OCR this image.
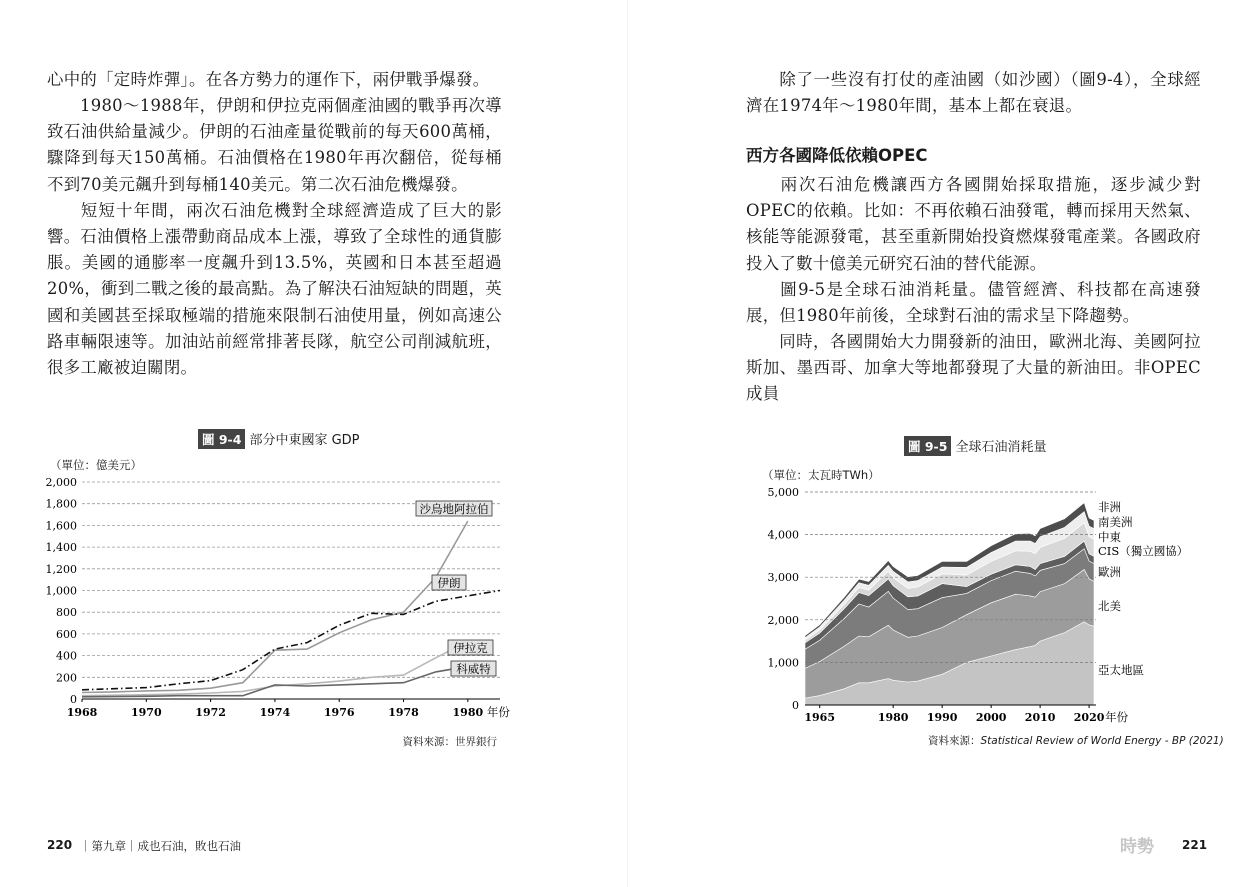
心中的「定時炸彈」。在各方勢力的運作下，兩伊戰爭爆發。

1980～1988年，伊朗和伊拉克兩個產油國的戰爭再次導致石油供給量減少。伊朗的石油產量從戰前的每天600萬桶，驟降到每天150萬桶。石油價格在1980年再次翻倍，從每桶不到70美元飆升到每桶140美元。第二次石油危機爆發。

短短十年間，兩次石油危機對全球經濟造成了巨大的影響。 石油價格上漲帶動商品成本上漲，導致了全球性的通貨膨脹。美國的通膨率一度飆升到13.5%，英國和日本甚至超過20%，衝到二戰之後的最高點。為了解決石油短缺的問題，英國和美國甚至採取極端的措施來限制石油使用量，例如高速公路車輛限速等。加油站前經常排著長隊，航空公司削減航班，很多工廠被迫關閉。

圖 9-4 部分中東國家 GDP
（單位：億美元）
0
200
400
600
800
1,000
1,200
1,400
1,600
1,800
2,000
1968	1970	1972	1974	1976	1978	1980 年份
沙烏地阿拉伯
伊朗
伊拉克
科威特
資料來源：世界銀行
220 ｜第九章｜成也石油，敗也石油

除了一些沒有打仗的產油國（如沙國）（圖9-4），全球經濟在1974年～1980年間，基本上都在衰退。

西方各國降低依賴OPEC

兩次石油危機讓西方各國開始採取措施，逐步減少對OPEC的依賴。比如：不再依賴石油發電，轉而採用天然氣、核能等能源發電，甚至重新開始投資燃煤發電產業。各國政府投入了數十億美元研究石油的替代能源。

圖9-5是全球石油消耗量。儘管經濟、科技都在高速發展，但1980年前後，全球對石油的需求呈下降趨勢。

同時，各國開始大力開發新的油田，歐洲北海、美國阿拉斯加、墨西哥、加拿大等地都發現了大量的新油田。非OPEC成員

圖 9-5 全球石油消耗量
（單位：太瓦時TWh）
0
1,000
2,000
3,000
4,000
5,000
1965	1980 1990 2000 2010 2020 年份
非洲
南美洲
中東
CIS（獨立國協）
歐洲
北美
亞太地區
資料來源：Statistical Review of World Energy - BP (2021)
時勢 221
